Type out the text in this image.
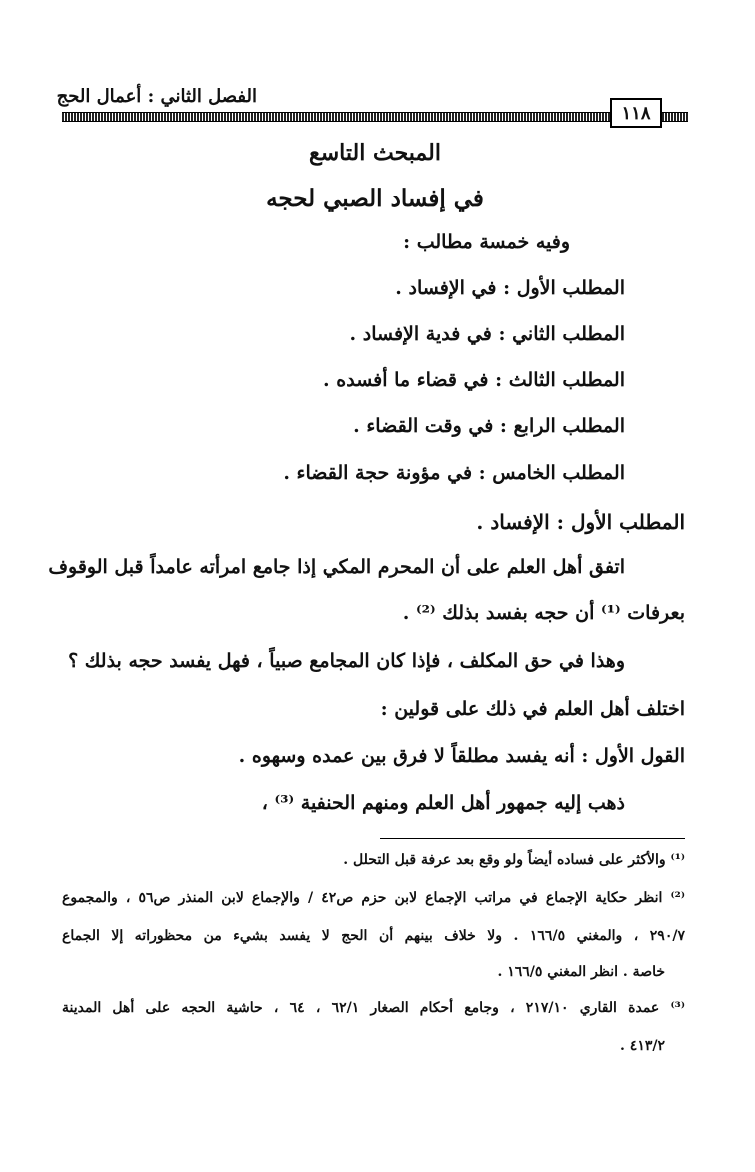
الفصل الثاني : أعمال الحج
١١٨
المبحث التاسع
في إفساد الصبي لحجه
وفيه خمسة مطالب :
المطلب الأول : في الإفساد .
المطلب الثاني : في فدية الإفساد .
المطلب الثالث : في قضاء ما أفسده .
المطلب الرابع : في وقت القضاء .
المطلب الخامس : في مؤونة حجة القضاء .
المطلب الأول : الإفساد .
اتفق أهل العلم على أن المحرم المكي إذا جامع امرأته عامداً قبل الوقوف
بعرفات ⁽¹⁾ أن حجه بفسد بذلك ⁽²⁾ .
وهذا في حق المكلف ، فإذا كان المجامع صبياً ، فهل يفسد حجه بذلك ؟
اختلف أهل العلم في ذلك على قولين :
القول الأول : أنه يفسد مطلقاً لا فرق بين عمده وسهوه .
ذهب إليه جمهور أهل العلم ومنهم الحنفية ⁽³⁾ ،
⁽¹⁾ والأكثر على فساده أيضاً ولو وقع بعد عرفة قبل التحلل .
⁽²⁾ انظر حكاية الإجماع في مراتب الإجماع لابن حزم ص٤٢ / والإجماع لابن المنذر ص٥٦ ، والمجموع
٢٩٠/٧ ، والمغني ١٦٦/٥ . ولا خلاف بينهم أن الحج لا يفسد بشيء من محظوراته إلا الجماع
خاصة . انظر المغني ١٦٦/٥ .
⁽³⁾ عمدة القاري ٢١٧/١٠ ، وجامع أحكام الصغار ٦٢/١ ، ٦٤ ، حاشية الحجه على أهل المدينة
٤١٣/٢ .
